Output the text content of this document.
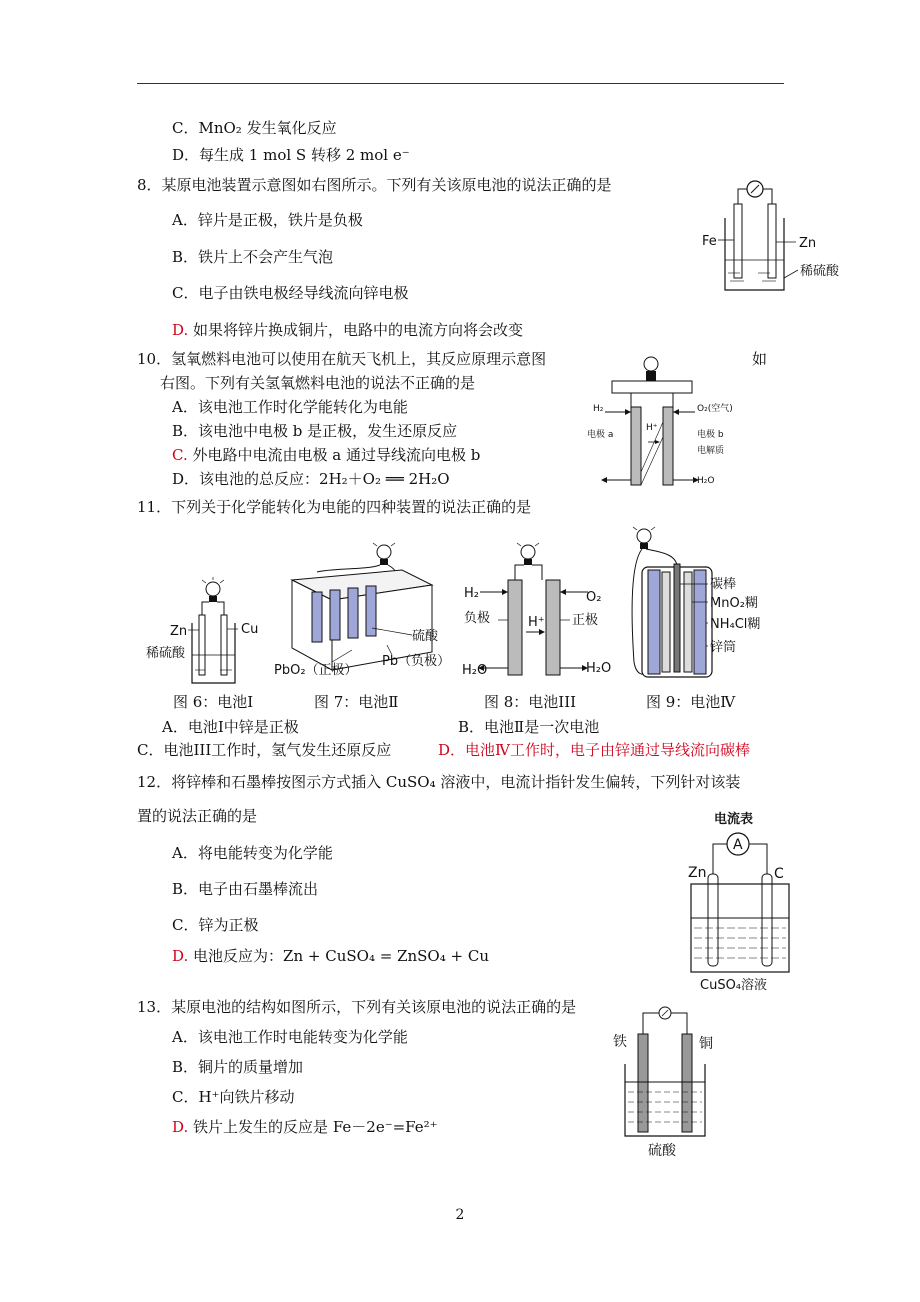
C．MnO₂ 发生氧化反应
D．每生成 1 mol S 转移 2 mol e⁻
8．某原电池装置示意图如右图所示。下列有关该原电池的说法正确的是
A．锌片是正极，铁片是负极
B．铁片上不会产生气泡
C．电子由铁电极经导线流向锌电极
D. 如果将锌片换成铜片，电路中的电流方向将会改变
Fe	Zn
稀硫酸
10．氢氧燃料电池可以使用在航天飞机上，其反应原理示意图	如
右图。下列有关氢氧燃料电池的说法不正确的是
A．该电池工作时化学能转化为电能
B．该电池中电极 b 是正极，发生还原反应
C. 外电路中电流由电极 a 通过导线流向电极 b
D．该电池的总反应：2H₂＋O₂ ══ 2H₂O
H₂	O₂(空气)
H⁺
电极 a	电极 b
电解质
H₂O
11．下列关于化学能转化为电能的四种装置的说法正确的是
Zn	Cu
稀硫酸
硫酸
PbO₂（正极）
Pb（负极）
H₂	O₂
负极	正极
H⁺
H₂O	H₂O
碳棒
MnO₂糊
NH₄Cl糊
锌筒
图 6：电池Ⅰ	图 7：电池Ⅱ	图 8：电池III	图 9：电池Ⅳ
A．电池Ⅰ中锌是正极	B．电池Ⅱ是一次电池
C．电池III工作时，氢气发生还原反应	D．电池Ⅳ工作时，电子由锌通过导线流向碳棒
12．将锌棒和石墨棒按图示方式插入 CuSO₄ 溶液中，电流计指针发生偏转，下列针对该装
置的说法正确的是
A．将电能转变为化学能
B．电子由石墨棒流出
C．锌为正极
D. 电池反应为：Zn + CuSO₄ = ZnSO₄ + Cu
电流表
A
Zn	C
CuSO₄溶液
13．某原电池的结构如图所示，下列有关该原电池的说法正确的是
A．该电池工作时电能转变为化学能
B．铜片的质量增加
C．H⁺向铁片移动
D. 铁片上发生的反应是 Fe－2e⁻=Fe²⁺
铁	铜
硫酸
2
